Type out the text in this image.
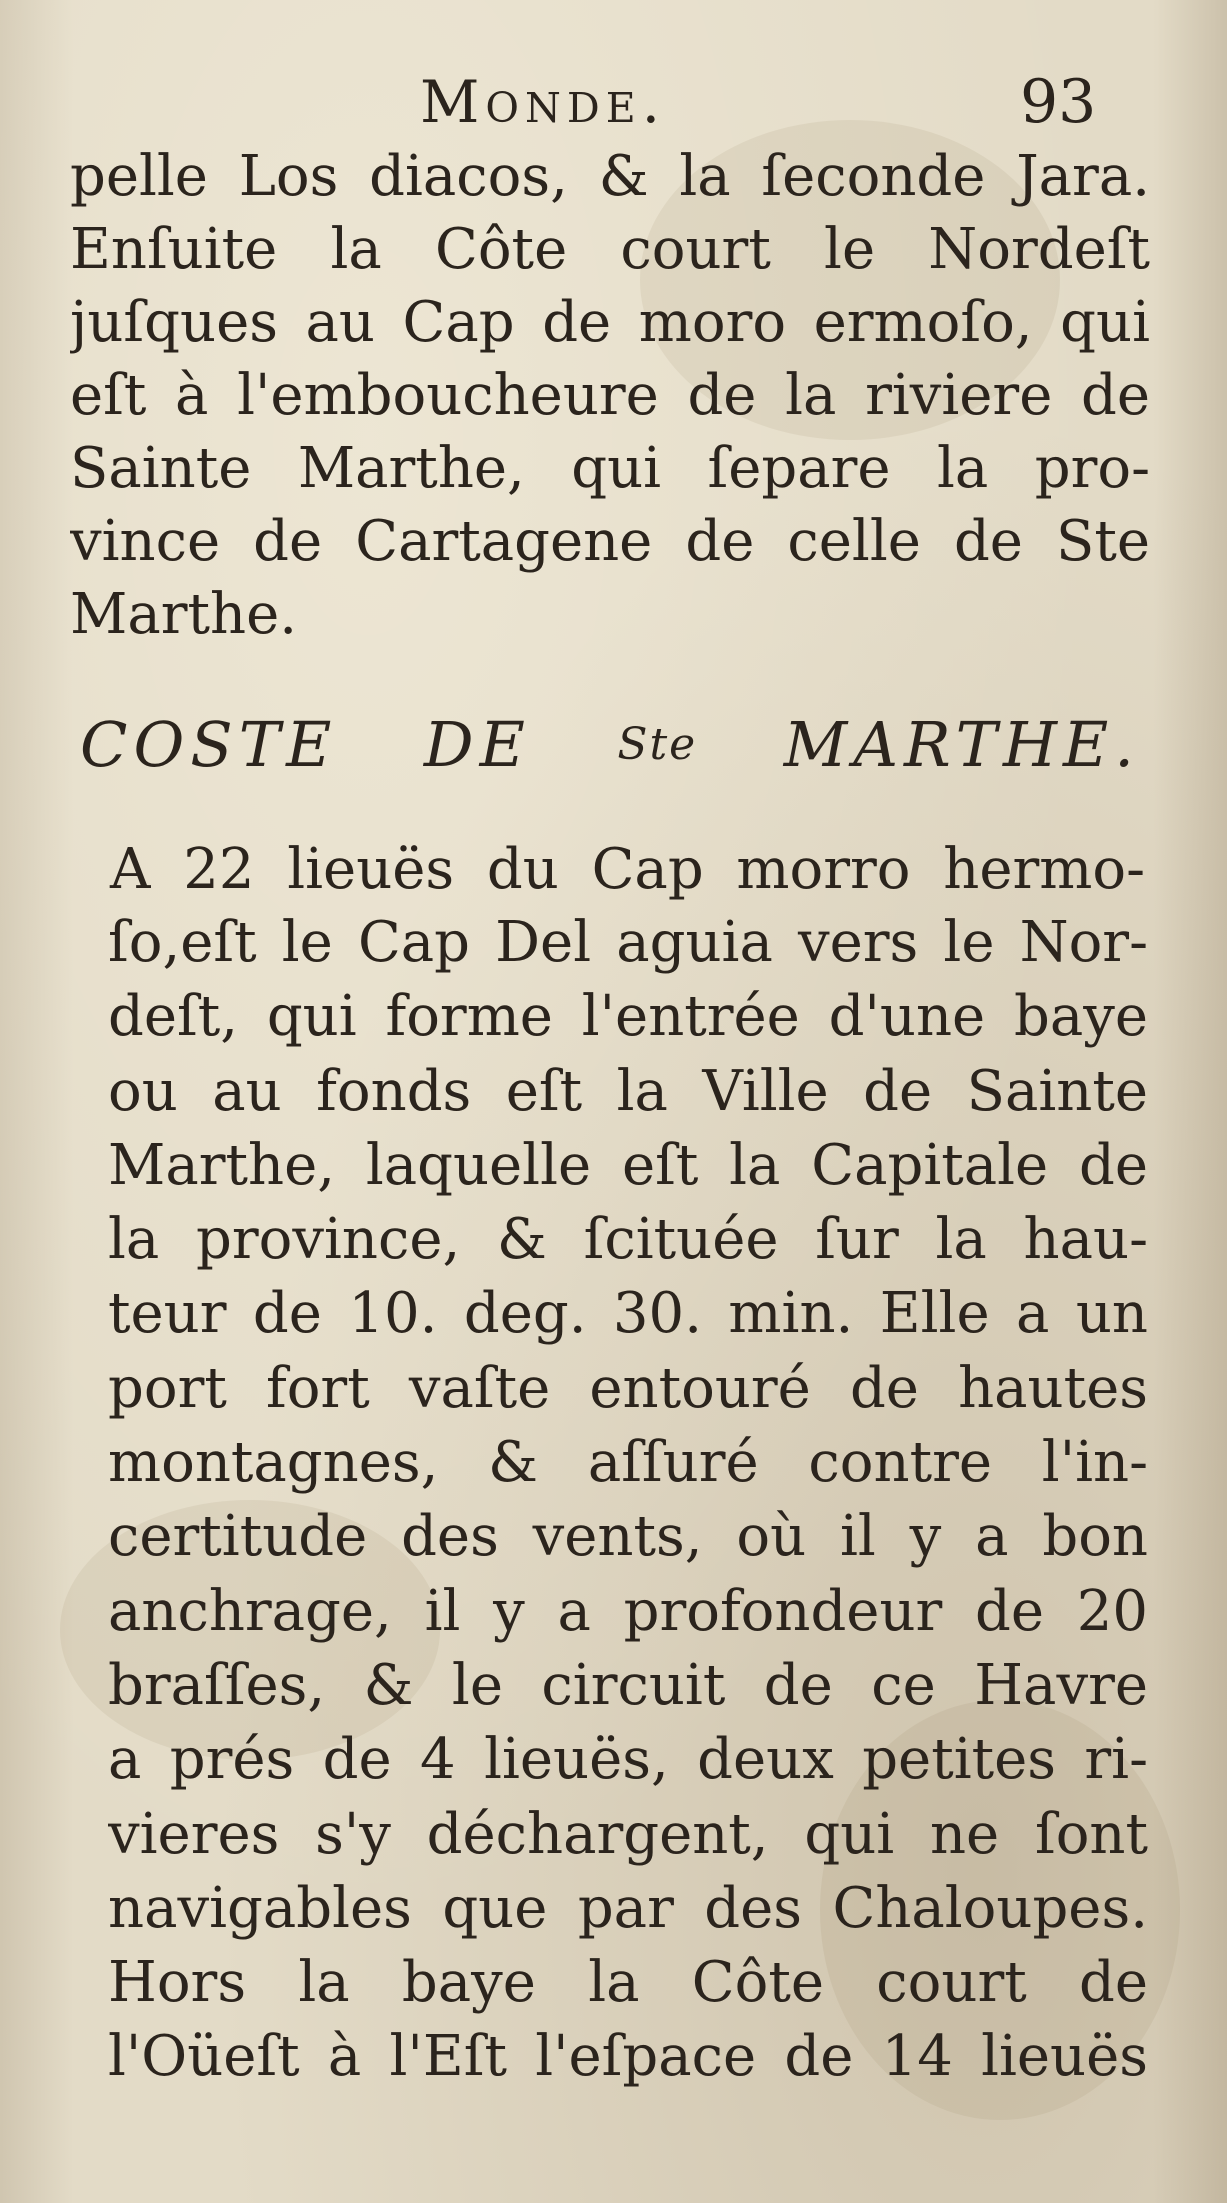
Monde.	93
pelle Los diacos, & la ſeconde Jara.
Enſuite la Côte court le Nordeſt
juſques au Cap de moro ermoſo, qui
eſt à l'emboucheure de la riviere de
Sainte Marthe, qui ſepare la pro-
vince de Cartagene de celle de Ste
Marthe.
COSTE DE Ste MARTHE.
A 22 lieuës du Cap morro hermo-
ſo,eſt le Cap Del aguia vers le Nor-
deſt, qui forme l'entrée d'une baye
ou au fonds eſt la Ville de Sainte
Marthe, laquelle eſt la Capitale de
la province, & ſcituée ſur la hau-
teur de 10. deg. 30. min. Elle a un
port fort vaſte entouré de hautes
montagnes, & aſſuré contre l'in-
certitude des vents, où il y a bon
anchrage, il y a profondeur de 20
braſſes, & le circuit de ce Havre
a prés de 4 lieuës, deux petites ri-
vieres s'y déchargent, qui ne ſont
navigables que par des Chaloupes.
Hors la baye la Côte court de
l'Oüeſt à l'Eſt l'eſpace de 14 lieuës
